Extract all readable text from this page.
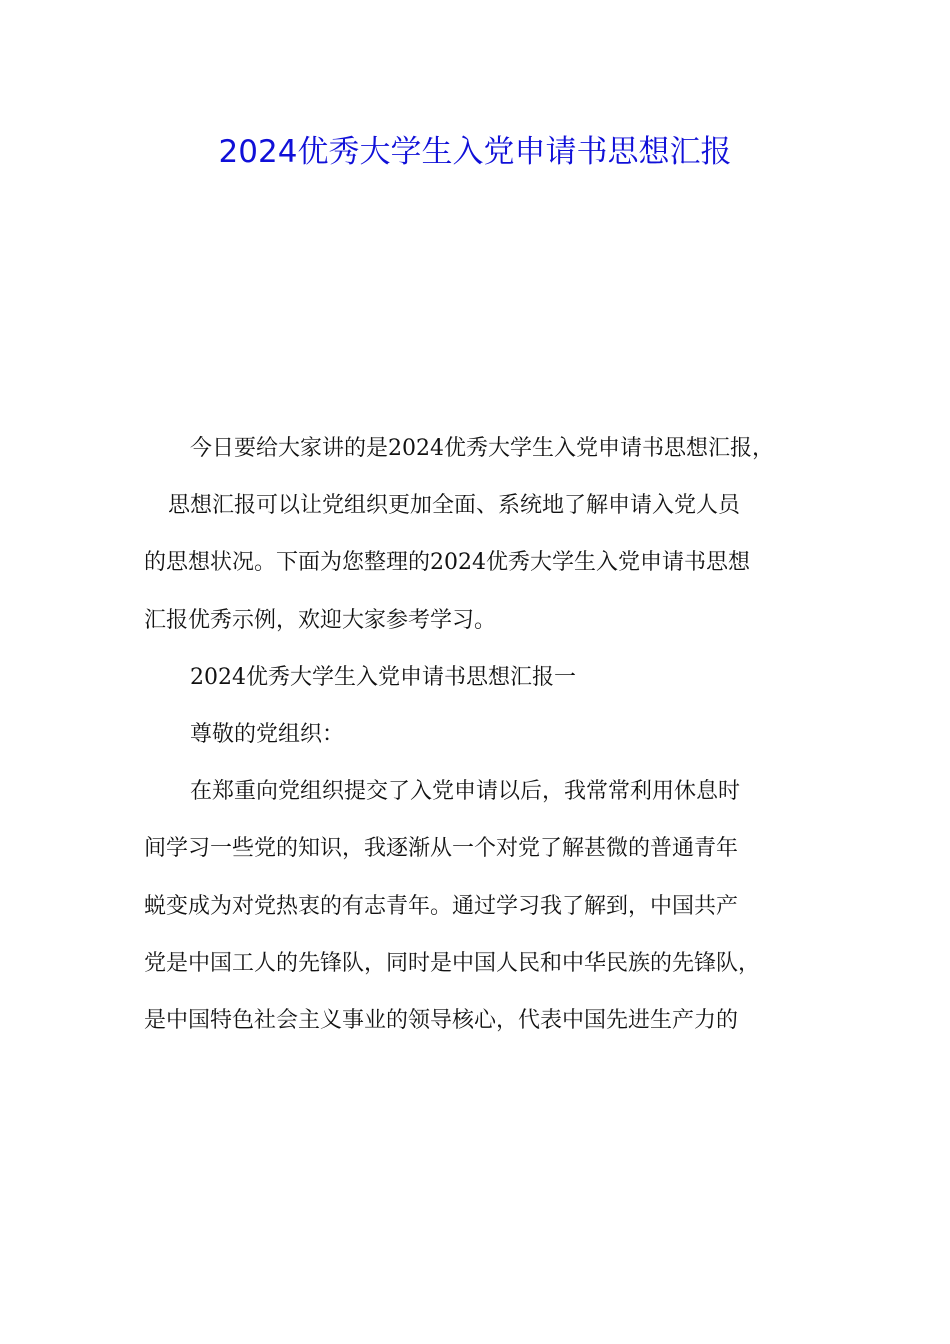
2024优秀大学生入党申请书思想汇报
今日要给大家讲的是2024优秀大学生入党申请书思想汇报，
思想汇报可以让党组织更加全面、系统地了解申请入党人员
的思想状况。下面为您整理的2024优秀大学生入党申请书思想
汇报优秀示例，欢迎大家参考学习。
2024优秀大学生入党申请书思想汇报一
尊敬的党组织：
在郑重向党组织提交了入党申请以后，我常常利用休息时
间学习一些党的知识，我逐渐从一个对党了解甚微的普通青年
蜕变成为对党热衷的有志青年。通过学习我了解到，中国共产
党是中国工人的先锋队，同时是中国人民和中华民族的先锋队，
是中国特色社会主义事业的领导核心，代表中国先进生产力的
